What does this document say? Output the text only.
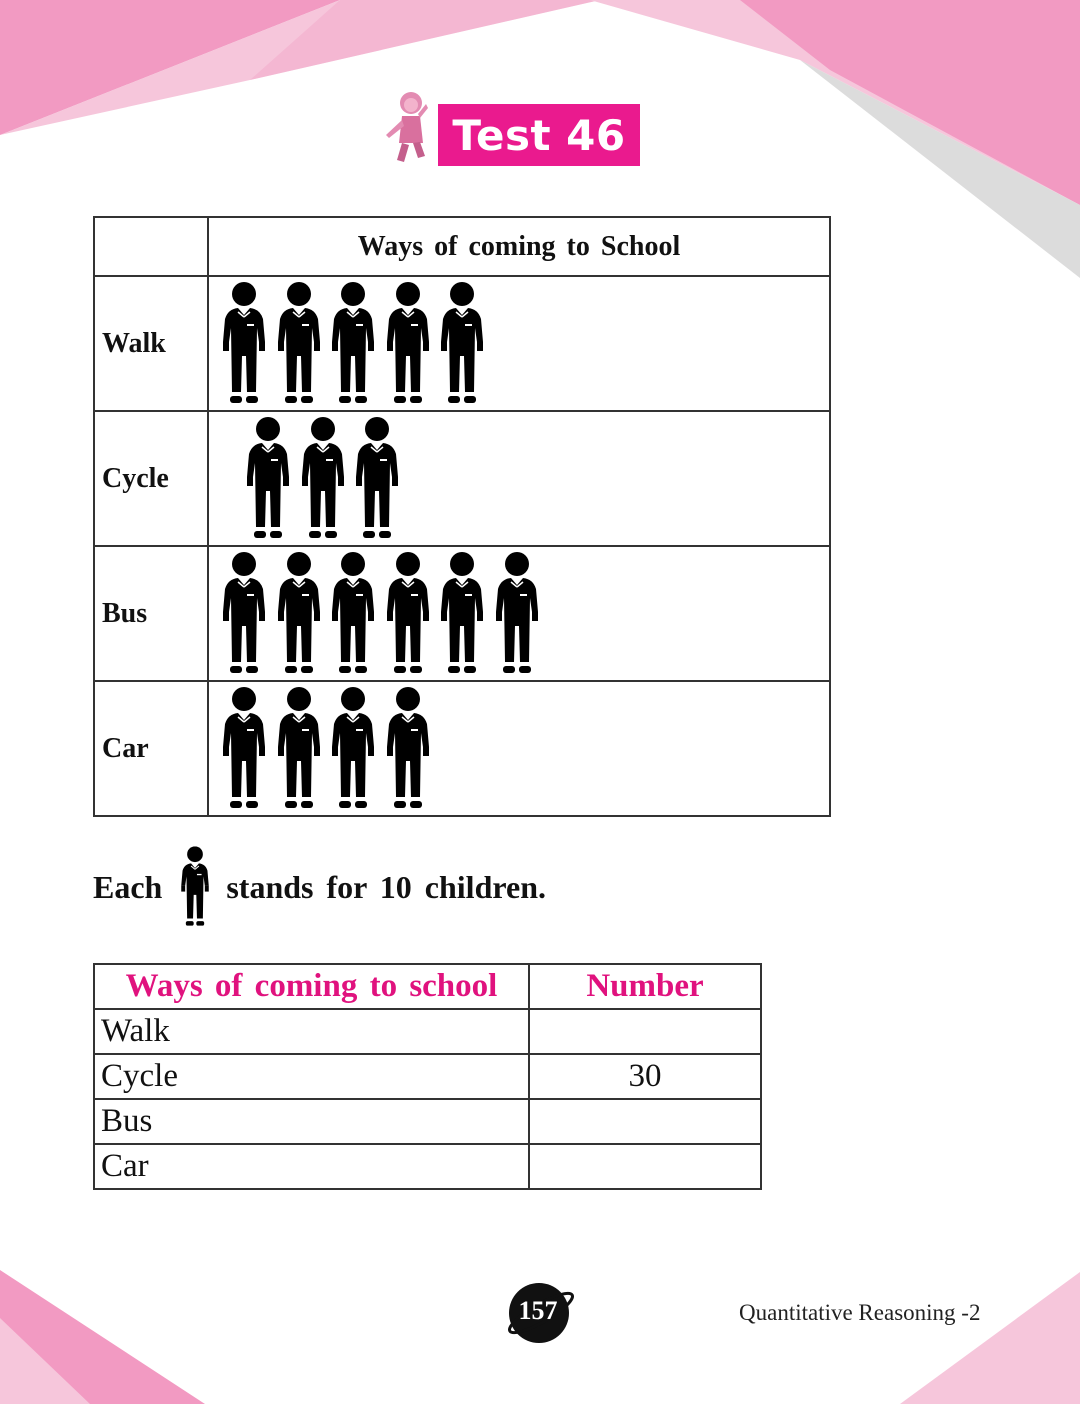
Test 46
	Ways of coming to School
Walk	

Cycle	

Bus	

Car	
Each stands for 10 children.
Ways of coming to school	Number
Walk	
Cycle	30
Bus	
Car	
157	Quantitative Reasoning -2
